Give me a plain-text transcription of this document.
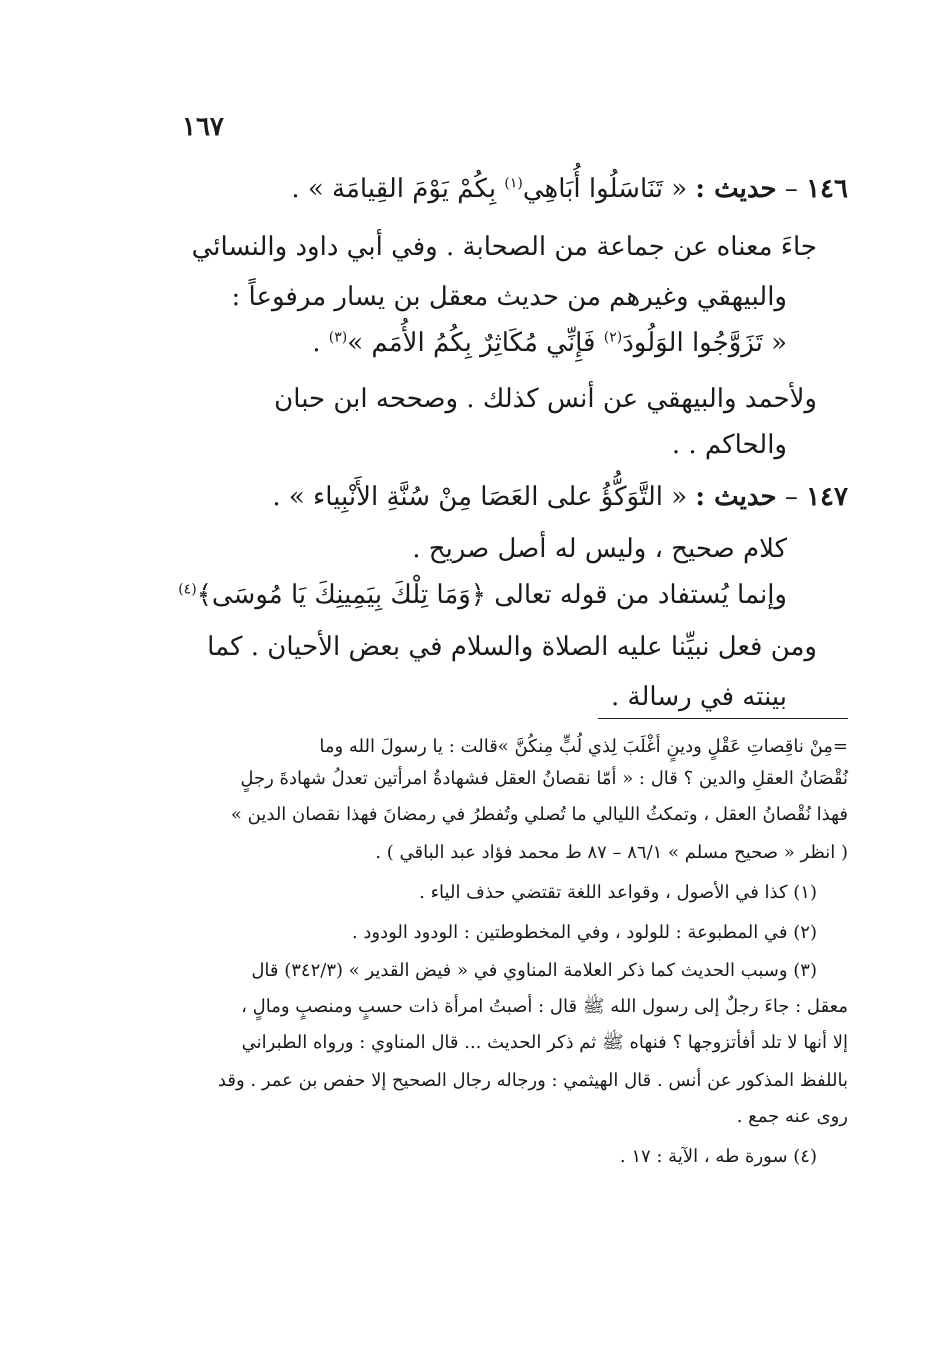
١٦٧
١٤٦ – حديث : « تَنَاسَلُوا أُبَاهِي$^{(١)}$ بِكُمْ يَوْمَ القِيامَة » .
جاءَ معناه عن جماعة من الصحابة . وفي أبي داود والنسائي
والبيهقي وغيرهم من حديث معقل بن يسار مرفوعاً :
« تَزَوَّجُوا الوَلُودَ$^{(٢)}$ فَإِنِّي مُكَاثِرٌ بِكُمُ الأُمَم »$^{(٣)}$ .
ولأحمد والبيهقي عن أنس كذلك . وصححه ابن حبان
والحاكم . .
١٤٧ – حديث : « التَّوَكُّؤُ على العَصَا مِنْ سُنَّةِ الأَنْبِياء » .
كلام صحيح ، وليس له أصل صريح .
وإنما يُستفاد من قوله تعالى ﴿وَمَا تِلْكَ بِيَمِينِكَ يَا مُوسَى﴾$^{(٤)}$
ومن فعل نبيِّنا عليه الصلاة والسلام في بعض الأحيان . كما
بينته في رسالة .
=مِنْ ناقِصاتِ عَقْلٍ ودينٍ أغْلَبَ لِذي لُبٍّ مِنكُنَّ »قالت : يا رسولَ الله وما
نُقْصَانُ العقلِ والدين ؟ قال : « أمّا نقصانُ العقل فشهادةُ امرأتين تعدلُ شهادةَ رجلٍ
فهذا نُقْصانُ العقل ، وتمكثُ الليالي ما تُصلي وتُفطرُ في رمضانَ فهذا نقصان الدين »
( انظر « صحيح مسلم » ٨٦/١ – ٨٧ ط محمد فؤاد عبد الباقي ) .
(١) كذا في الأصول ، وقواعد اللغة تقتضي حذف الياء .
(٢) في المطبوعة : للولود ، وفي المخطوطتين : الودود الودود .
(٣) وسبب الحديث كما ذكر العلامة المناوي في « فيض القدير » (٣٤٢/٣) قال
معقل : جاءَ رجلٌ إلى رسول الله ﷺ قال : أصبتُ امرأة ذات حسبٍ ومنصبٍ ومالٍ ،
إلا أنها لا تلد أفأتزوجها ؟ فنهاه ﷺ ثم ذكر الحديث ... قال المناوي : ورواه الطبراني
باللفظ المذكور عن أنس . قال الهيثمي : ورجاله رجال الصحيح إلا حفص بن عمر . وقد
روى عنه جمع .
(٤) سورة طه ، الآية : ١٧ .
